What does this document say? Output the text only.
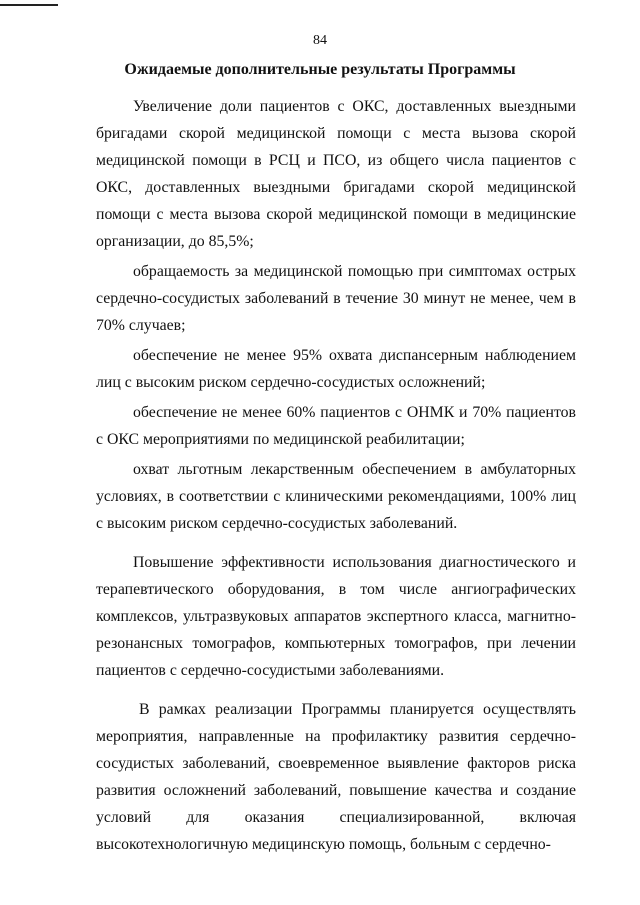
84
Ожидаемые дополнительные результаты Программы

Увеличение доли пациентов с ОКС, доставленных выездными бригадами скорой медицинской помощи с места вызова скорой медицинской помощи в РСЦ и ПСО, из общего числа пациентов с ОКС, доставленных выездными бригадами скорой медицинской помощи с места вызова скорой медицинской помощи в медицинские организации, до 85,5%;

обращаемость за медицинской помощью при симптомах острых сердечно-сосудистых заболеваний в течение 30 минут не менее, чем в 70% случаев;

обеспечение не менее 95% охвата диспансерным наблюдением лиц с высоким риском сердечно-сосудистых осложнений;

обеспечение не менее 60% пациентов с ОНМК и 70% пациентов с ОКС мероприятиями по медицинской реабилитации;

охват льготным лекарственным обеспечением в амбулаторных условиях, в соответствии с клиническими рекомендациями, 100% лиц с высоким риском сердечно-сосудистых заболеваний.

Повышение эффективности использования диагностического и терапевтического оборудования, в том числе ангиографических комплексов, ультразвуковых аппаратов экспертного класса, магнитно-резонансных томографов, компьютерных томографов, при лечении пациентов с сердечно-сосудистыми заболеваниями.

В рамках реализации Программы планируется осуществлять мероприятия, направленные на профилактику развития сердечно-сосудистых заболеваний, своевременное выявление факторов риска развития осложнений заболеваний, повышение качества и создание условий для оказания специализированной, включая

высокотехнологичную медицинскую помощь, больным с сердечно-
